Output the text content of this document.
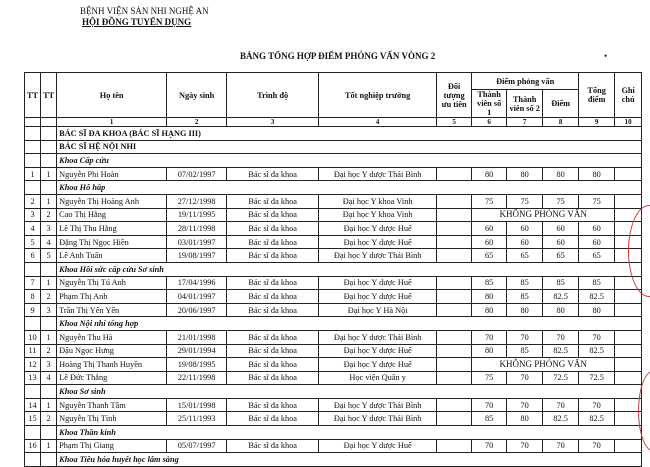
BỆNH VIỆN SẢN NHI NGHỆ AN
HỘI ĐỒNG TUYỂN DỤNG
BẢNG TỔNG HỢP ĐIỂM PHỎNG VẤN VÒNG 2	•
TT	TT	Họ tên	Ngày sinh	Trình độ	Tốt nghiệp trường	Đối tượng ưu tiên	Điểm phỏng vấn			Tổng điểm	Ghi chú
							Thành viên số 1	Thành viên số 2	Điểm		
		1	2	3	4	5	6	7	8	9	10
		BÁC SĨ ĐA KHOA (BÁC SĨ HẠNG III)									
		BÁC SĨ HỆ NỘI NHI									
		Khoa Cấp cứu									
1	1	Nguyễn Phi Hoàn	07/02/1997	Bác sĩ đa khoa	Đại học Y dược Thái Bình		80	80	80	80	
		Khoa Hô hấp									
2	1	Nguyễn Thị Hoàng Anh	27/12/1998	Bác sĩ đa khoa	Đại học Y khoa Vinh		75	75	75	75	
3	2	Cao Thị Hằng	19/11/1995	Bác sĩ đa khoa	Đại học Y khoa Vinh		KHÔNG PHỎNG VẤN				
4	3	Lê Thị Thu Hằng	28/11/1998	Bác sĩ đa khoa	Đại học Y dược Huế		60	60	60	60	
5	4	Đặng Thị Ngọc Hiền	03/01/1997	Bác sĩ đa khoa	Đại học Y dược Huế		60	60	60	60	
6	5	Lê Anh Tuấn	19/08/1997	Bác sĩ đa khoa	Đại học Y dược Thái Bình		65	65	65	65	
		Khoa Hồi sức cấp cứu Sơ sinh									
7	1	Nguyễn Thị Tú Anh	17/04/1996	Bác sĩ đa khoa	Đại học Y dược Huế		85	85	85	85	
8	2	Phạm Thị Anh	04/01/1997	Bác sĩ đa khoa	Đại học Y dược Huế		80	85	82.5	82.5	
9	3	Trần Thị Yến Yến	20/06/1997	Bác sĩ đa khoa	Đại học Y Hà Nội		80	80	80	80	
		Khoa Nội nhi tổng hợp									
10	1	Nguyễn Thu Hà	21/01/1998	Bác sĩ đa khoa	Đại học Y dược Thái Bình		70	70	70	70	
11	2	Đậu Ngọc Hưng	29/01/1994	Bác sĩ đa khoa	Đại học Y dược Huế		80	85	82.5	82.5	
12	3	Hoàng Thị Thanh Huyền	19/08/1995	Bác sĩ đa khoa	Đại học Y dược Huế		KHÔNG PHỎNG VẤN				
13	4	Lê Đức Thắng	22/11/1998	Bác sĩ đa khoa	Học viện Quân y		75	70	72.5	72.5	
		Khoa Sơ sinh									
14	1	Nguyễn Thanh Tâm	15/01/1998	Bác sĩ đa khoa	Đại học Y dược Thái Bình		70	70	70	70	
15	2	Nguyễn Thị Tình	25/11/1993	Bác sĩ đa khoa	Đại học Y dược Thái Bình		85	80	82.5	82.5	
		Khoa Thần kinh									
16	1	Phạm Thị Giang	05/07/1997	Bác sĩ đa khoa	Đại học Y dược Huế		70	70	70	70	
		Khoa Tiêu hóa huyết học lâm sàng									
